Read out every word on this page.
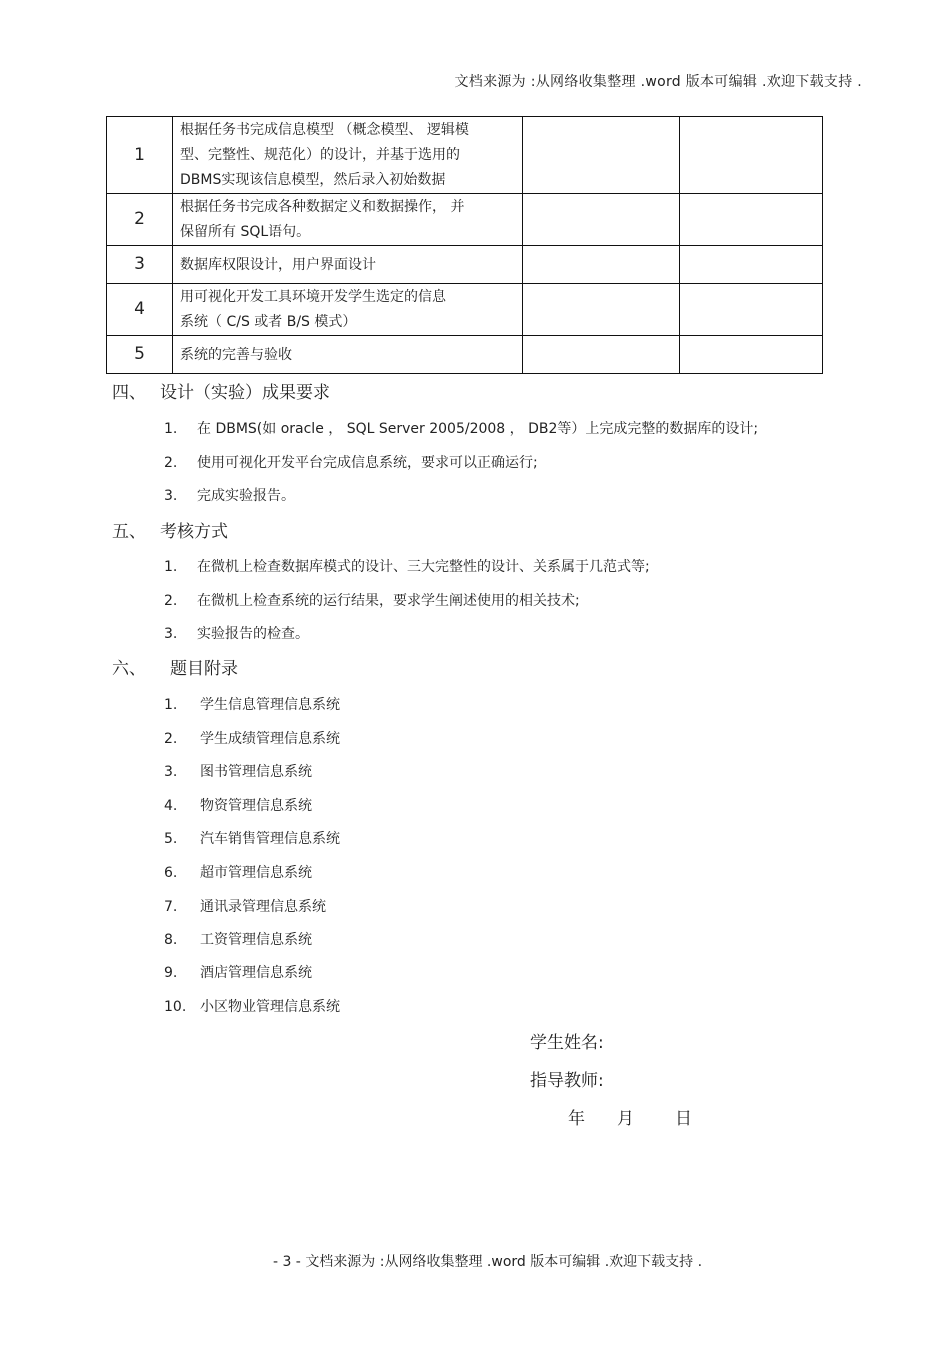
文档来源为 :从网络收集整理 .word 版本可编辑 .欢迎下载支持 .
1	根据任务书完成信息模型 （概念模型、 逻辑模
型、完整性、规范化）的设计，并基于选用的
DBMS实现该信息模型，然后录入初始数据		

2	根据任务书完成各种数据定义和数据操作， 并
保留所有 SQL语句。		

3	数据库权限设计，用户界面设计		

4	用可视化开发工具环境开发学生选定的信息
系统（ C/S 或者 B/S 模式）		

5	系统的完善与验收		

四、 设计（实验）成果要求
1. 在 DBMS(如 oracle ， SQL Server 2005/2008 ， DB2等）上完成完整的数据库的设计;
2. 使用可视化开发平台完成信息系统，要求可以正确运行;
3. 完成实验报告。
五、 考核方式
1. 在微机上检查数据库模式的设计、三大完整性的设计、关系属于几范式等;
2. 在微机上检查系统的运行结果，要求学生阐述使用的相关技术;
3. 实验报告的检查。
六、 题目附录
1. 学生信息管理信息系统
2. 学生成绩管理信息系统
3. 图书管理信息系统
4. 物资管理信息系统
5. 汽车销售管理信息系统
6. 超市管理信息系统
7. 通讯录管理信息系统
8. 工资管理信息系统
9. 酒店管理信息系统
10. 小区物业管理信息系统
学生姓名:
指导教师:
年 月 日
- 3 - 文档来源为 :从网络收集整理 .word 版本可编辑 .欢迎下载支持 .
